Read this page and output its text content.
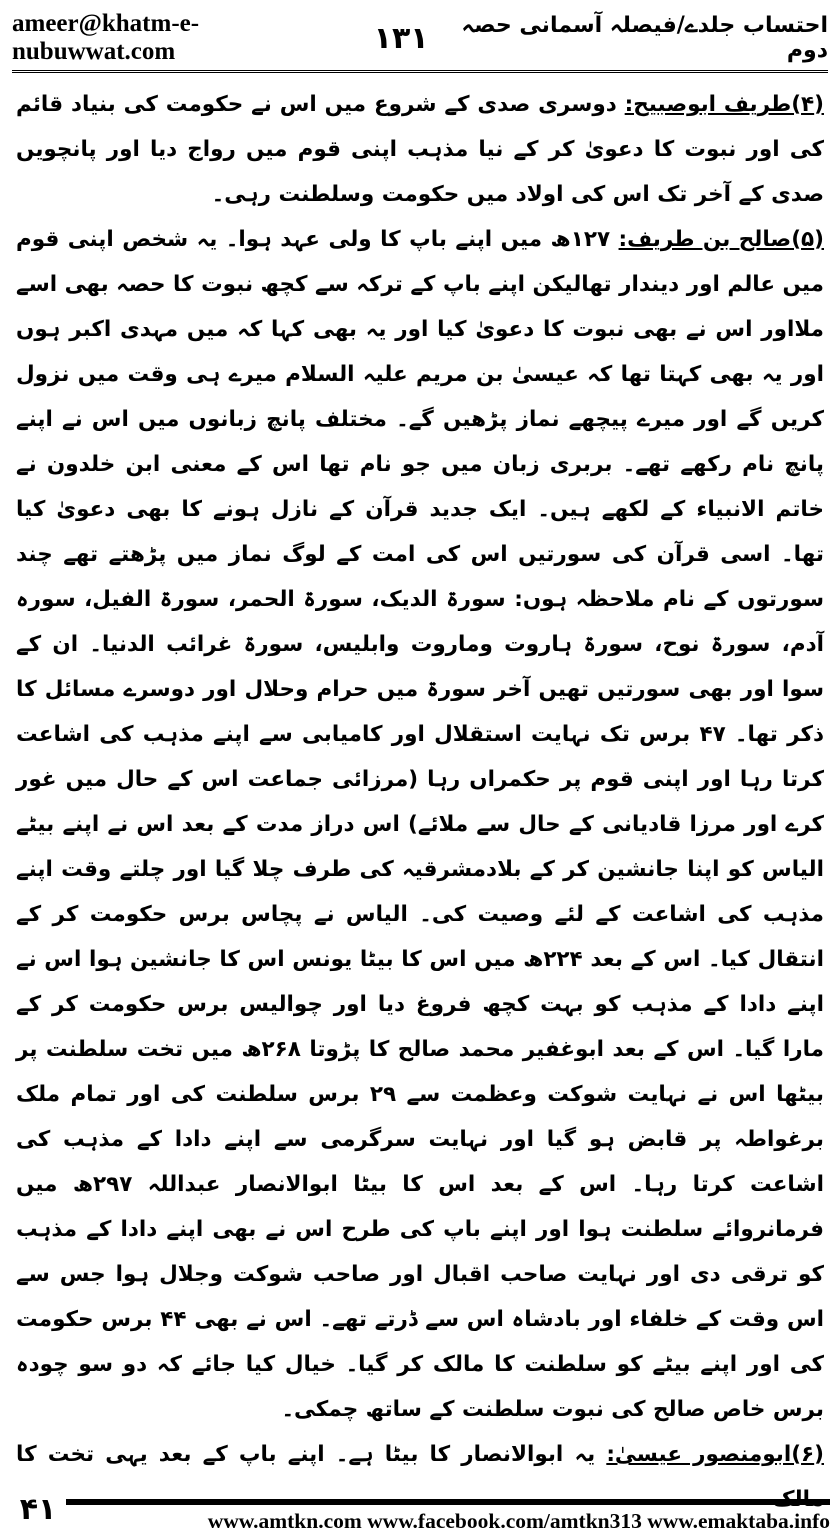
ameer@khatm-e-nubuwwat.com	۱۳۱	احتساب جلدے/فیصلہ آسمانی حصہ دوم

(۴)طریف ابوصبیح: دوسری صدی کے شروع میں اس نے حکومت کی بنیاد قائم کی اور نبوت کا دعویٰ کر کے نیا مذہب اپنی قوم میں رواج دیا اور پانچویں صدی کے آخر تک اس کی اولاد میں حکومت وسلطنت رہی۔

(۵)صالح بن طریف: ۱۲۷ھ میں اپنے باپ کا ولی عہد ہوا۔ یہ شخص اپنی قوم میں عالم اور دیندار تھالیکن اپنے باپ کے ترکہ سے کچھ نبوت کا حصہ بھی اسے ملااور اس نے بھی نبوت کا دعویٰ کیا اور یہ بھی کہا کہ میں مہدی اکبر ہوں اور یہ بھی کہتا تھا کہ عیسیٰ بن مریم علیہ السلام میرے ہی وقت میں نزول کریں گے اور میرے پیچھے نماز پڑھیں گے۔ مختلف پانچ زبانوں میں اس نے اپنے پانچ نام رکھے تھے۔ بربری زبان میں جو نام تھا اس کے معنی ابن خلدون نے خاتم الانبیاء کے لکھے ہیں۔ ایک جدید قرآن کے نازل ہونے کا بھی دعویٰ کیا تھا۔ اسی قرآن کی سورتیں اس کی امت کے لوگ نماز میں پڑھتے تھے چند سورتوں کے نام ملاحظہ ہوں: سورۃ الدیک، سورۃ الحمر، سورۃ الفیل، سورہ آدم، سورۃ نوح، سورۃ ہاروت وماروت وابلیس، سورۃ غرائب الدنیا۔ ان کے سوا اور بھی سورتیں تھیں آخر سورۃ میں حرام وحلال اور دوسرے مسائل کا ذکر تھا۔ ۴۷ برس تک نہایت استقلال اور کامیابی سے اپنے مذہب کی اشاعت کرتا رہا اور اپنی قوم پر حکمراں رہا (مرزائی جماعت اس کے حال میں غور کرے اور مرزا قادیانی کے حال سے ملائے) اس دراز مدت کے بعد اس نے اپنے بیٹے الیاس کو اپنا جانشین کر کے بلادمشرقیہ کی طرف چلا گیا اور چلتے وقت اپنے مذہب کی اشاعت کے لئے وصیت کی۔ الیاس نے پچاس برس حکومت کر کے انتقال کیا۔ اس کے بعد ۲۲۴ھ میں اس کا بیٹا یونس اس کا جانشین ہوا اس نے اپنے دادا کے مذہب کو بہت کچھ فروغ دیا اور چوالیس برس حکومت کر کے مارا گیا۔ اس کے بعد ابوغفیر محمد صالح کا پڑوتا ۲۶۸ھ میں تخت سلطنت پر بیٹھا اس نے نہایت شوکت وعظمت سے ۲۹ برس سلطنت کی اور تمام ملک برغواطہ پر قابض ہو گیا اور نہایت سرگرمی سے اپنے دادا کے مذہب کی اشاعت کرتا رہا۔ اس کے بعد اس کا بیٹا ابوالانصار عبداللہ ۲۹۷ھ میں فرمانروائے سلطنت ہوا اور اپنے باپ کی طرح اس نے بھی اپنے دادا کے مذہب کو ترقی دی اور نہایت صاحب اقبال اور صاحب شوکت وجلال ہوا جس سے اس وقت کے خلفاء اور بادشاہ اس سے ڈرتے تھے۔ اس نے بھی ۴۴ برس حکومت کی اور اپنے بیٹے کو سلطنت کا مالک کر گیا۔ خیال کیا جائے کہ دو سو چودہ برس خاص صالح کی نبوت سلطنت کے ساتھ چمکی۔

(۶)ابومنصور عیسیٰ: یہ ابوالانصار کا بیٹا ہے۔ اپنے باپ کے بعد یہی تخت کا مالک

۴۱	www.amtkn.com www.facebook.com/amtkn313 www.emaktaba.info
